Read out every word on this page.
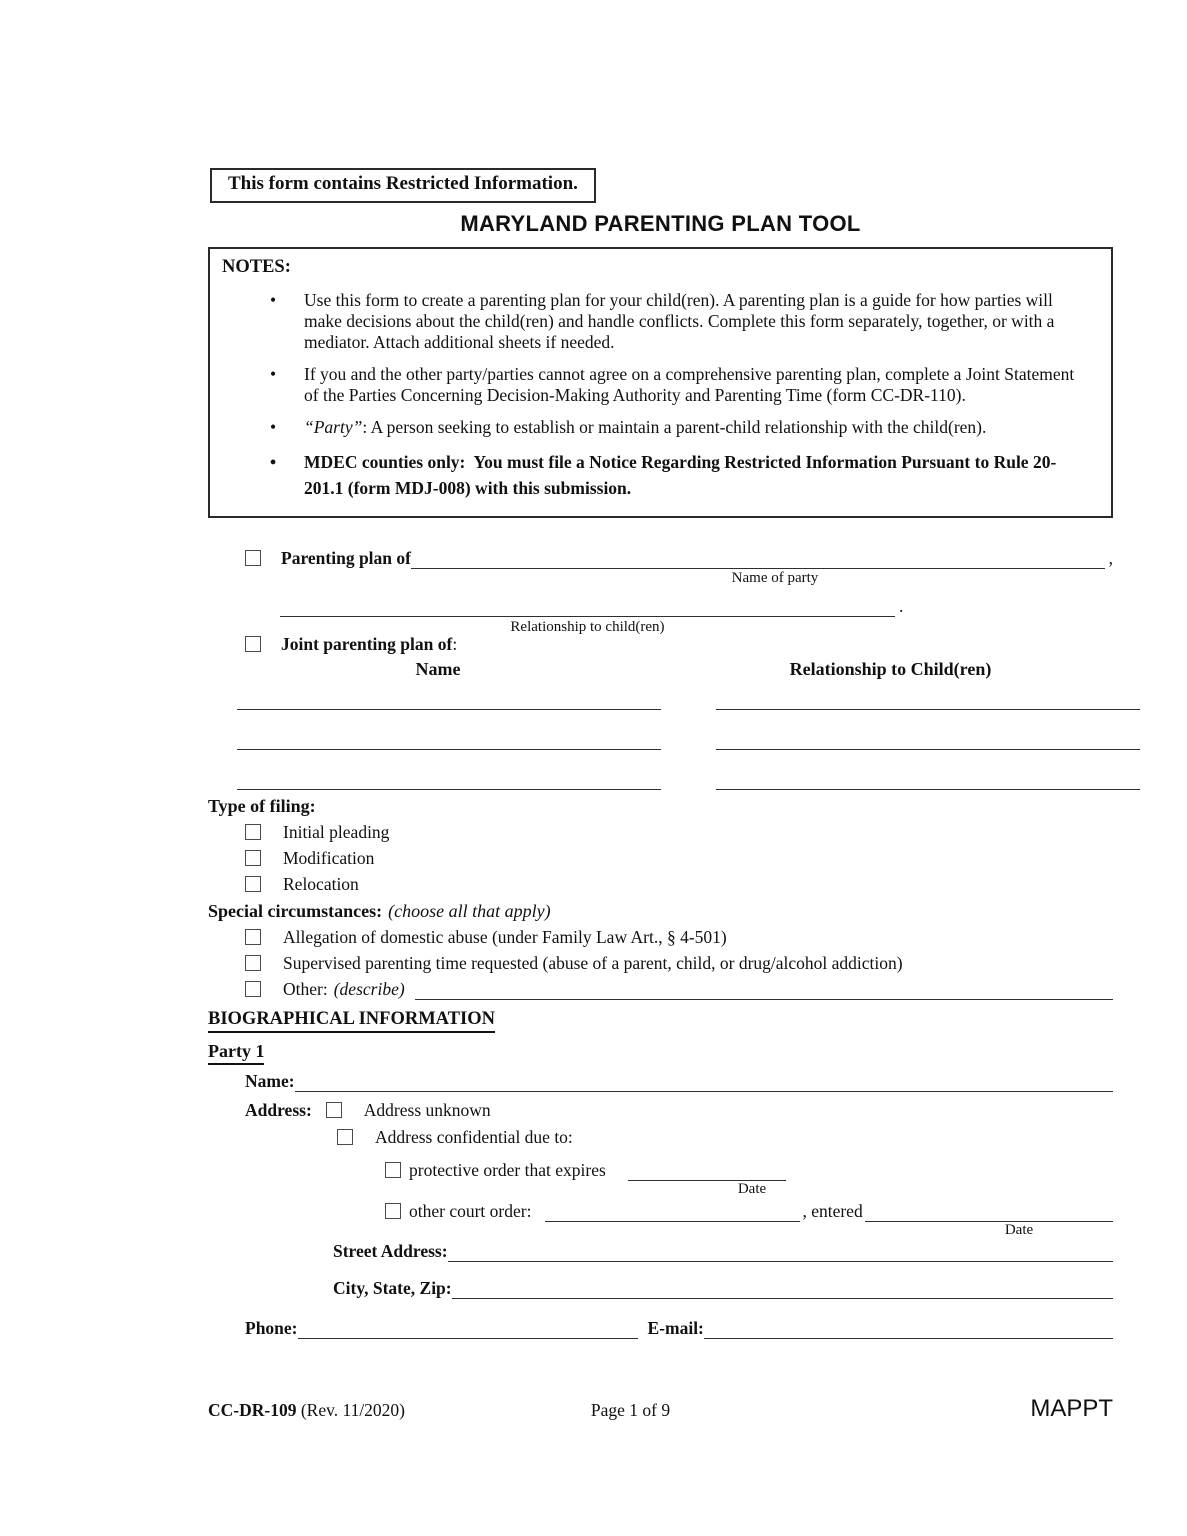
This form contains Restricted Information.
MARYLAND PARENTING PLAN TOOL
NOTES:
• Use this form to create a parenting plan for your child(ren). A parenting plan is a guide for how parties will make decisions about the child(ren) and handle conflicts. Complete this form separately, together, or with a mediator. Attach additional sheets if needed.
• If you and the other party/parties cannot agree on a comprehensive parenting plan, complete a Joint Statement of the Parties Concerning Decision-Making Authority and Parenting Time (form CC-DR-110).
• “Party”: A person seeking to establish or maintain a parent-child relationship with the child(ren).
• MDEC counties only:  You must file a Notice Regarding Restricted Information Pursuant to Rule 20-201.1 (form MDJ-008) with this submission.
Parenting plan of	,
Name of party
.
Relationship to child(ren)
Joint parenting plan of :
Name	Relationship to Child(ren)
Type of filing:
Initial pleading
Modification
Relocation
Special circumstances: (choose all that apply)
Allegation of domestic abuse (under Family Law Art., § 4-501)
Supervised parenting time requested (abuse of a parent, child, or drug/alcohol addiction)
Other: (describe)
BIOGRAPHICAL INFORMATION
Party 1
Name:
Address:	Address unknown
Address confidential due to:
protective order that expires
Date
other court order:	, entered
Date
Street Address:
City, State, Zip:
Phone:	E-mail:
CC-DR-109 (Rev. 11/2020)	Page 1 of 9	MAPPT
